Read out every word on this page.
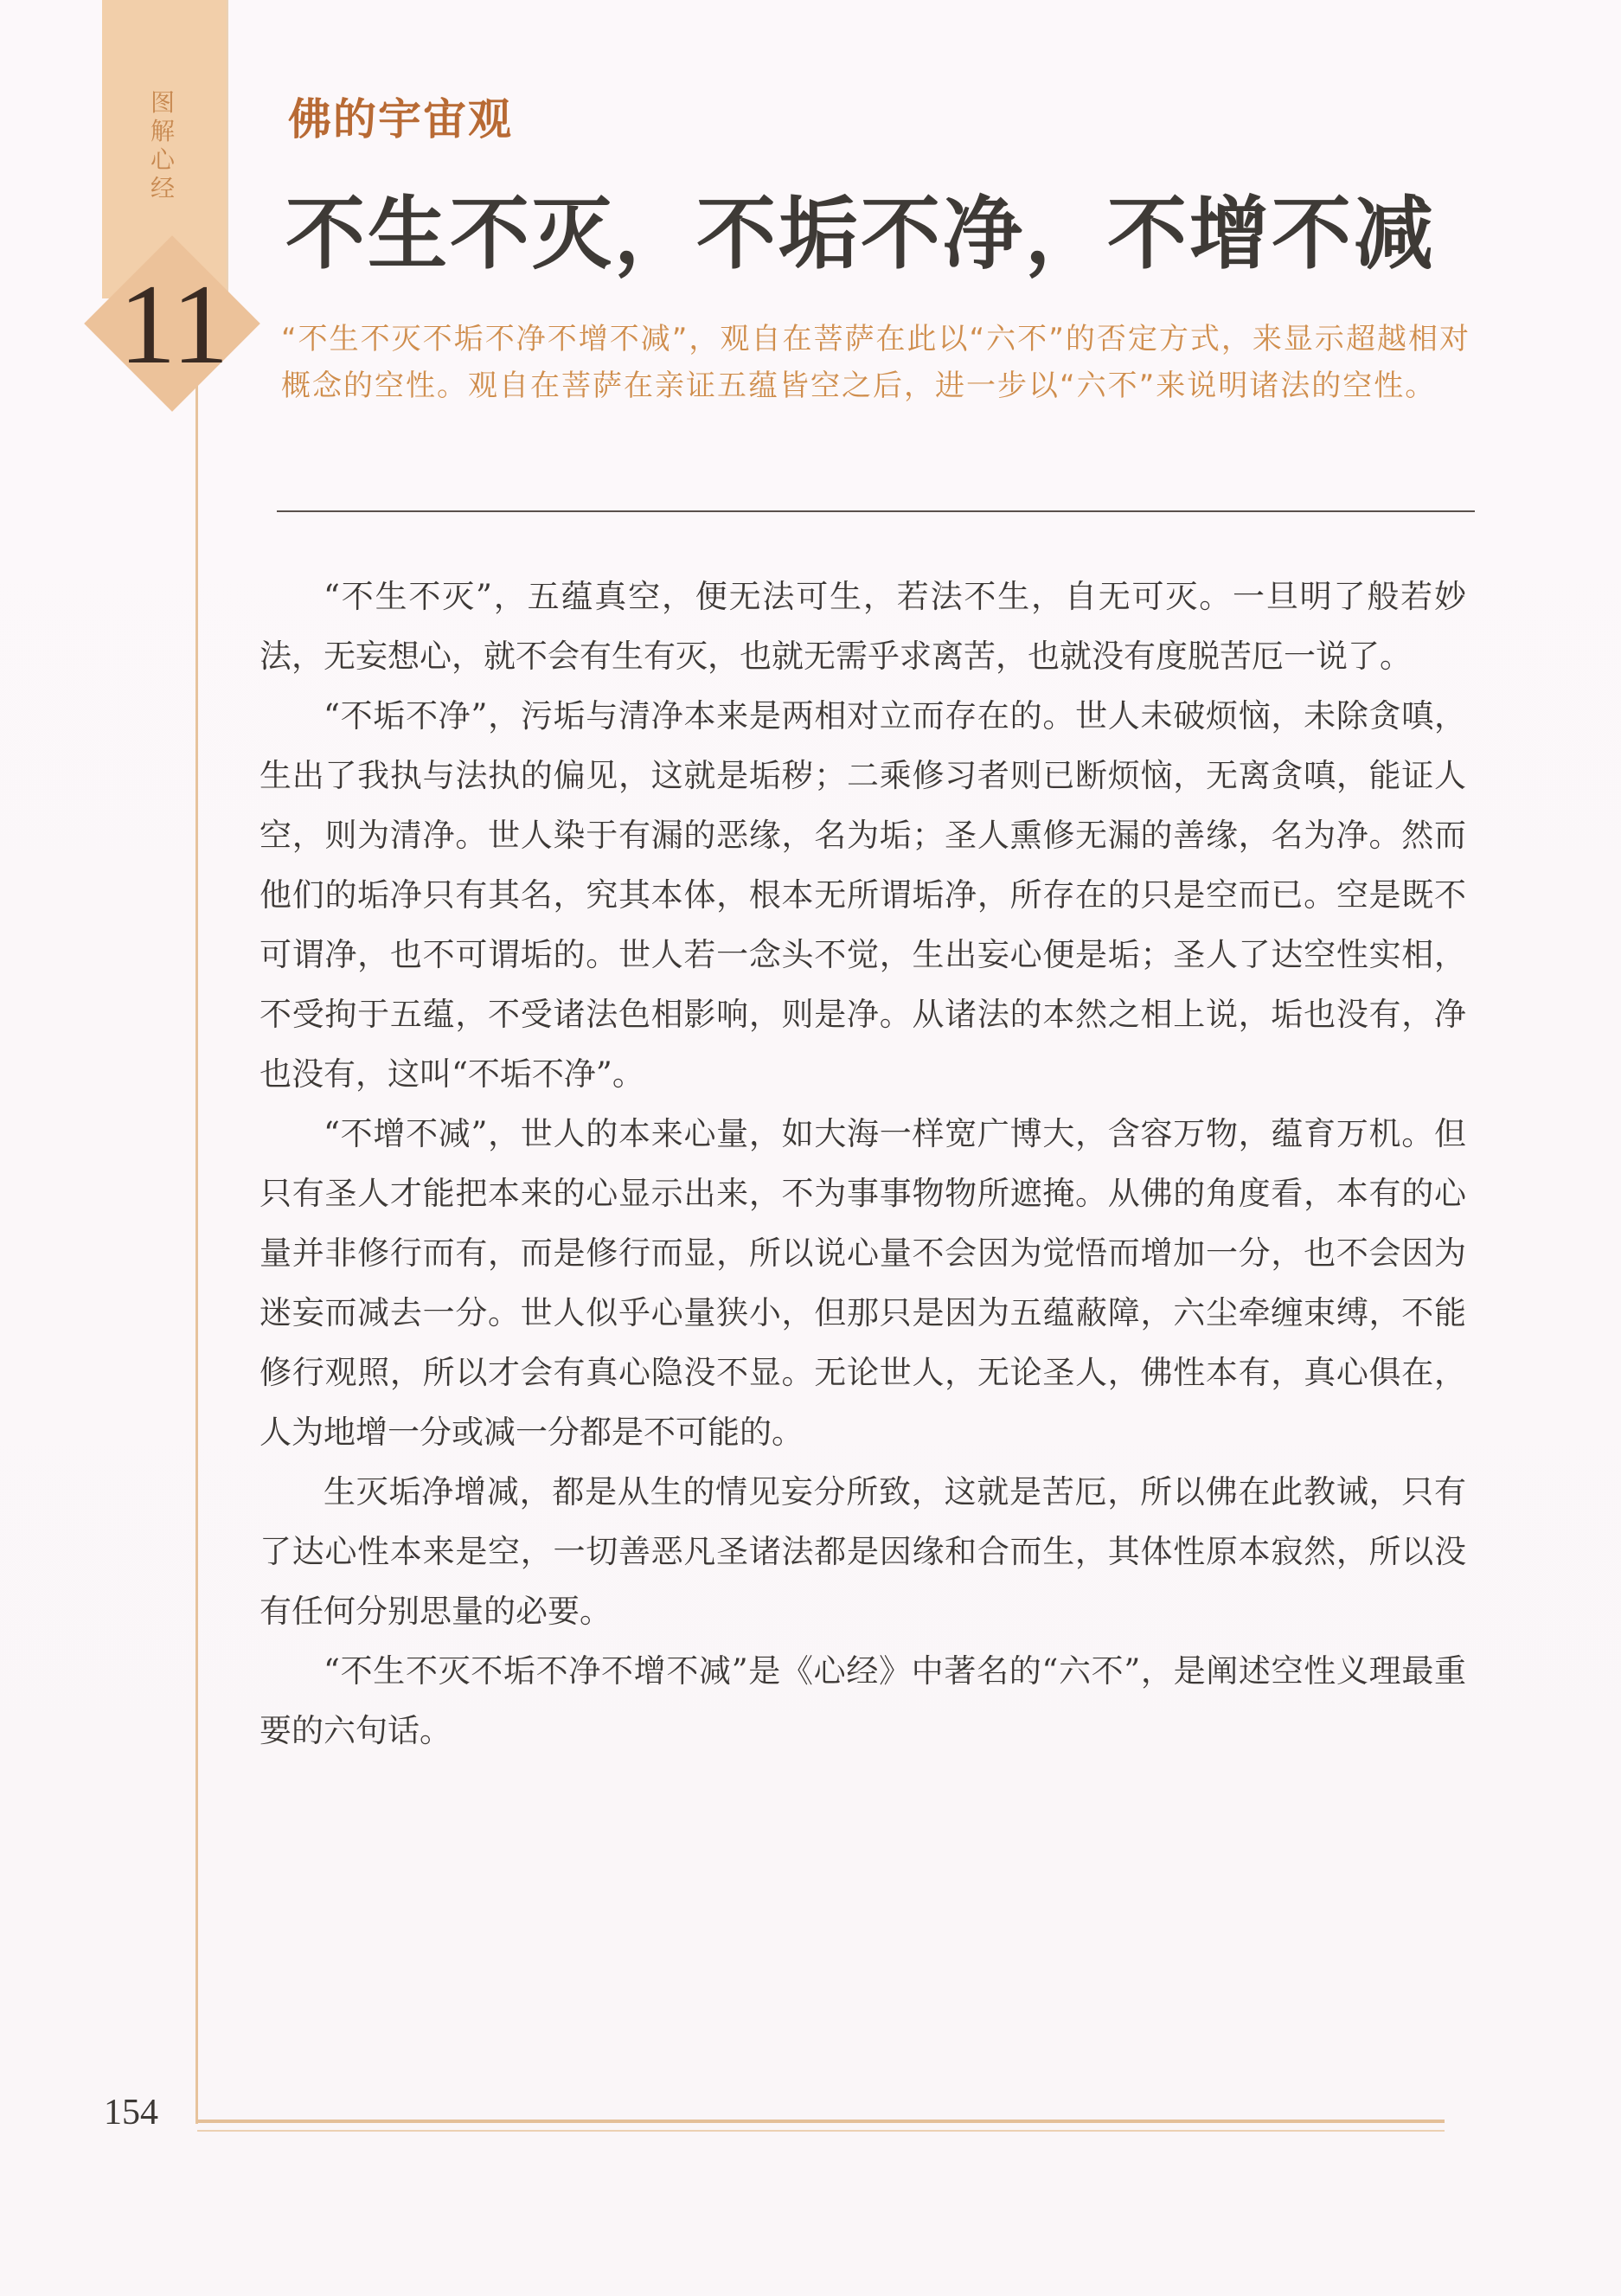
图解心经
11
佛的宇宙观
不生不灭，不垢不净，不增不减
“不生不灭不垢不净不增不减”，观自在菩萨在此以“六不”的否定方式，来显示超越相对概念的空性。观自在菩萨在亲证五蕴皆空之后，进一步以“六不”来说明诸法的空性。

“不生不灭”，五蕴真空，便无法可生，若法不生，自无可灭。一旦明了般若妙法，无妄想心，就不会有生有灭，也就无需乎求离苦，也就没有度脱苦厄一说了。

“不垢不净”，污垢与清净本来是两相对立而存在的。世人未破烦恼，未除贪嗔，生出了我执与法执的偏见，这就是垢秽；二乘修习者则已断烦恼，无离贪嗔，能证人空，则为清净。世人染于有漏的恶缘，名为垢；圣人熏修无漏的善缘，名为净。然而他们的垢净只有其名，究其本体，根本无所谓垢净，所存在的只是空而已。空是既不可谓净，也不可谓垢的。世人若一念头不觉，生出妄心便是垢；圣人了达空性实相，不受拘于五蕴，不受诸法色相影响，则是净。从诸法的本然之相上说，垢也没有，净也没有，这叫“不垢不净”。

“不增不减”，世人的本来心量，如大海一样宽广博大，含容万物，蕴育万机。但只有圣人才能把本来的心显示出来，不为事事物物所遮掩。从佛的角度看，本有的心量并非修行而有，而是修行而显，所以说心量不会因为觉悟而增加一分，也不会因为迷妄而减去一分。世人似乎心量狭小，但那只是因为五蕴蔽障，六尘牵缠束缚，不能修行观照，所以才会有真心隐没不显。无论世人，无论圣人，佛性本有，真心俱在，人为地增一分或减一分都是不可能的。

生灭垢净增减，都是从生的情见妄分所致，这就是苦厄，所以佛在此教诫，只有了达心性本来是空，一切善恶凡圣诸法都是因缘和合而生，其体性原本寂然，所以没有任何分别思量的必要。

“不生不灭不垢不净不增不减”是《心经》中著名的“六不”，是阐述空性义理最重要的六句话。

154
